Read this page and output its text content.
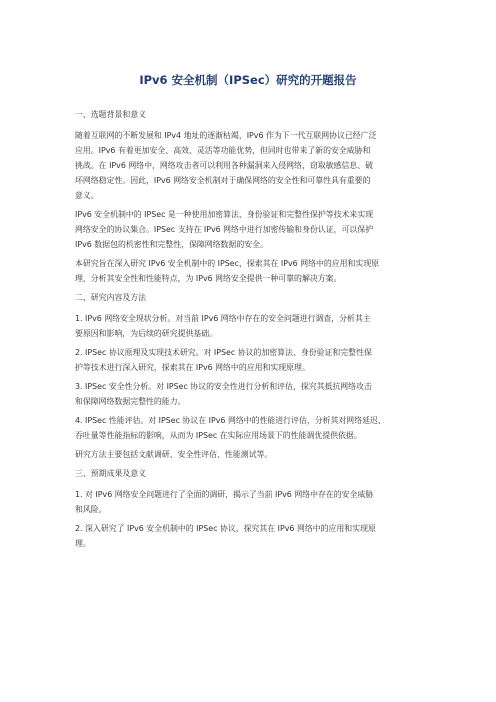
IPv6 安全机制（IPSec）研究的开题报告
一、选题背景和意义
随着互联网的不断发展和 IPv4 地址的逐渐枯竭，IPv6 作为下一代互联网协议已经广泛
应用。IPv6 有着更加安全、高效、灵活等功能优势，但同时也带来了新的安全威胁和
挑战。在 IPv6 网络中，网络攻击者可以利用各种漏洞来入侵网络，窃取敏感信息、破
坏网络稳定性。因此，IPv6 网络安全机制对于确保网络的安全性和可靠性具有重要的
意义。
IPv6 安全机制中的 IPSec 是一种使用加密算法、身份验证和完整性保护等技术来实现
网络安全的协议集合。IPSec 支持在 IPv6 网络中进行加密传输和身份认证，可以保护
IPv6 数据包的机密性和完整性，保障网络数据的安全。
本研究旨在深入研究 IPv6 安全机制中的 IPSec，探索其在 IPv6 网络中的应用和实现原
理，分析其安全性和性能特点，为 IPv6 网络安全提供一种可靠的解决方案。
二、研究内容及方法
1. IPv6 网络安全现状分析。对当前 IPv6 网络中存在的安全问题进行调查，分析其主
要原因和影响，为后续的研究提供基础。
2. IPSec 协议原理及实现技术研究。对 IPSec 协议的加密算法、身份验证和完整性保
护等技术进行深入研究，探索其在 IPv6 网络中的应用和实现原理。
3. IPSec 安全性分析。对 IPSec 协议的安全性进行分析和评估，探究其抵抗网络攻击
和保障网络数据完整性的能力。
4. IPSec 性能评估。对 IPSec 协议在 IPv6 网络中的性能进行评估，分析其对网络延迟、
吞吐量等性能指标的影响，从而为 IPSec 在实际应用场景下的性能调优提供依据。
研究方法主要包括文献调研、安全性评估、性能测试等。
三、预期成果及意义
1. 对 IPv6 网络安全问题进行了全面的调研，揭示了当前 IPv6 网络中存在的安全威胁
和风险。
2. 深入研究了 IPv6 安全机制中的 IPSec 协议，探究其在 IPv6 网络中的应用和实现原
理。
